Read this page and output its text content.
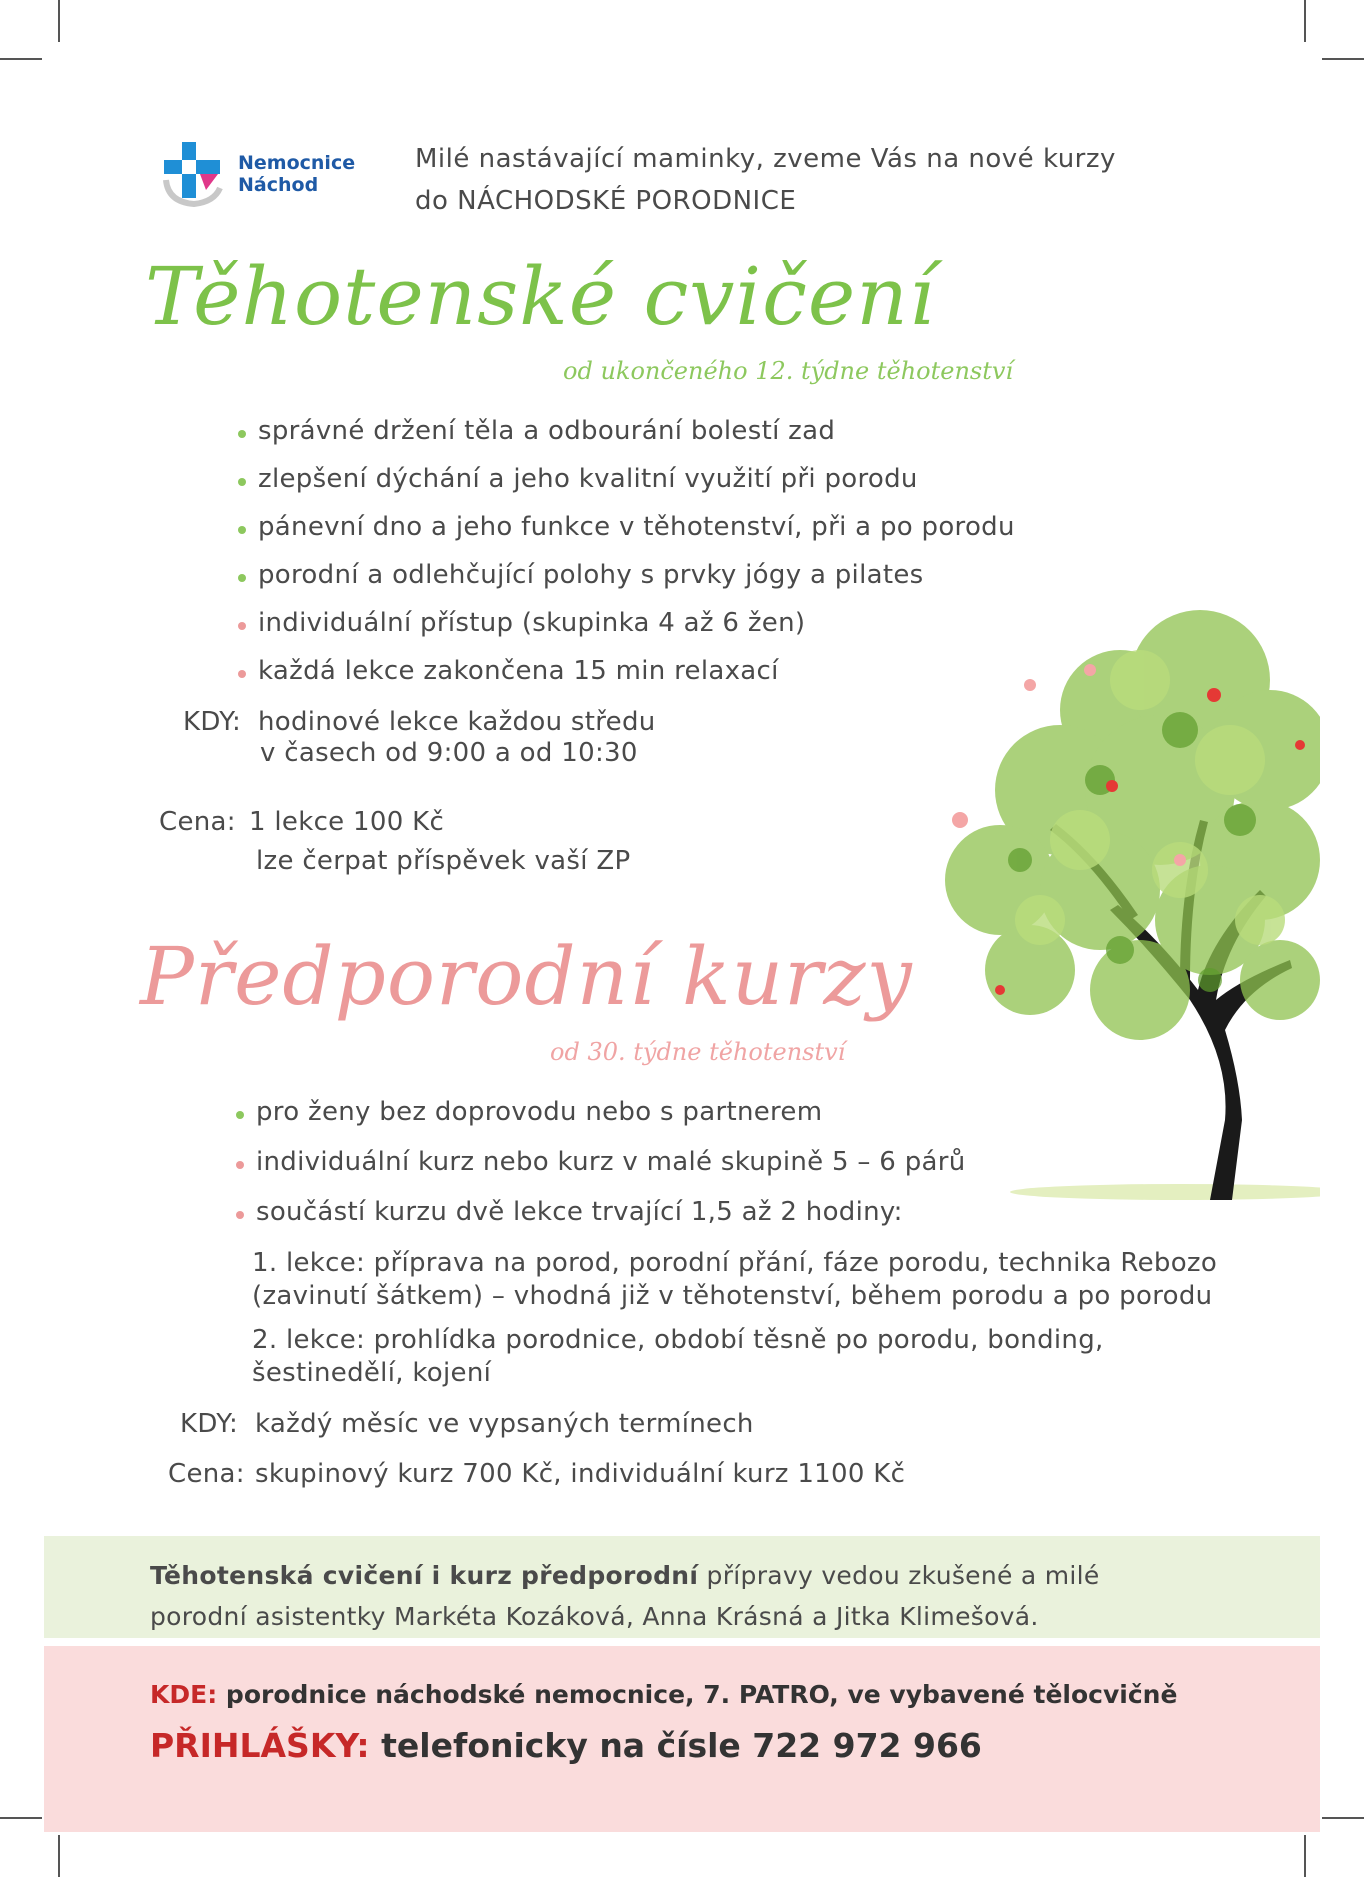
Nemocnice
Náchod
Milé nastávající maminky, zveme Vás na nové kurzy
do NÁCHODSKÉ PORODNICE
Těhotenské cvičení
od ukončeného 12. týdne těhotenství
správné držení těla a odbourání bolestí zad
zlepšení dýchání a jeho kvalitní využití při porodu
pánevní dno a jeho funkce v těhotenství, při a po porodu
porodní a odlehčující polohy s prvky jógy a pilates
individuální přístup (skupinka 4 až 6 žen)
každá lekce zakončena 15 min relaxací
KDY: hodinové lekce každou středu
v časech od 9:00 a od 10:30
Cena: 1 lekce 100 Kč
lze čerpat příspěvek vaší ZP
Předporodní kurzy
od 30. týdne těhotenství
pro ženy bez doprovodu nebo s partnerem
individuální kurz nebo kurz v malé skupině 5 – 6 párů
součástí kurzu dvě lekce trvající 1,5 až 2 hodiny:
1. lekce: příprava na porod, porodní přání, fáze porodu, technika Rebozo
(zavinutí šátkem) – vhodná již v těhotenství, během porodu a po porodu
2. lekce: prohlídka porodnice, období těsně po porodu, bonding,
šestinedělí, kojení
KDY: každý měsíc ve vypsaných termínech
Cena: skupinový kurz 700 Kč, individuální kurz 1100 Kč
Těhotenská cvičení i kurz předporodní přípravy vedou zkušené a milé
porodní asistentky Markéta Kozáková, Anna Krásná a Jitka Klimešová.
KDE: porodnice náchodské nemocnice, 7. PATRO, ve vybavené tělocvičně
PŘIHLÁŠKY: telefonicky na čísle 722 972 966
